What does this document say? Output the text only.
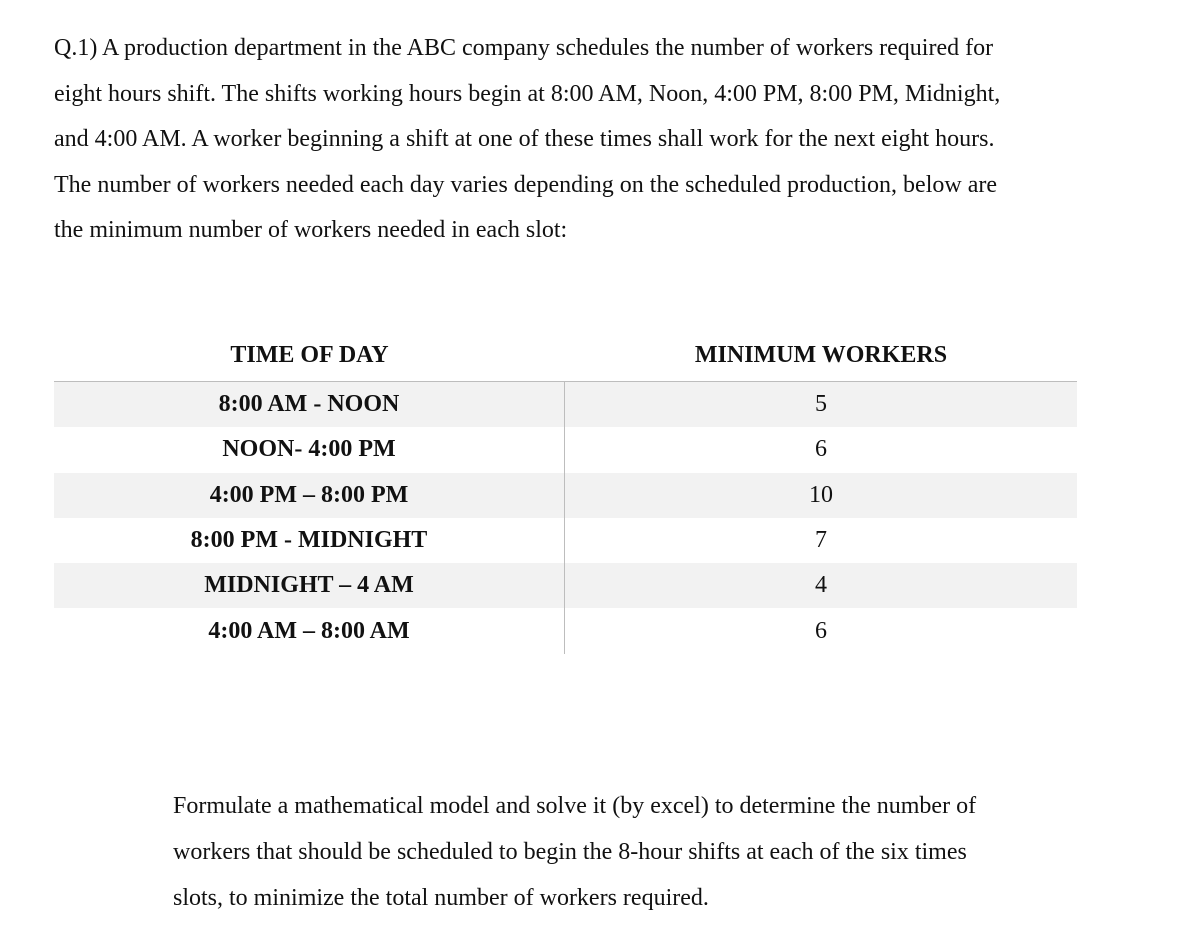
Q.1) A production department in the ABC company schedules the number of workers required for
eight hours shift. The shifts working hours begin at 8:00 AM, Noon, 4:00 PM, 8:00 PM, Midnight,
and 4:00 AM. A worker beginning a shift at one of these times shall work for the next eight hours.
The number of workers needed each day varies depending on the scheduled production, below are
the minimum number of workers needed in each slot:

TIME OF DAY	MINIMUM WORKERS
8:00 AM - NOON	5
NOON- 4:00 PM	6
4:00 PM – 8:00 PM	10
8:00 PM - MIDNIGHT	7
MIDNIGHT – 4 AM	4
4:00 AM – 8:00 AM	6

Formulate a mathematical model and solve it (by excel) to determine the number of
workers that should be scheduled to begin the 8-hour shifts at each of the six times
slots, to minimize the total number of workers required.
